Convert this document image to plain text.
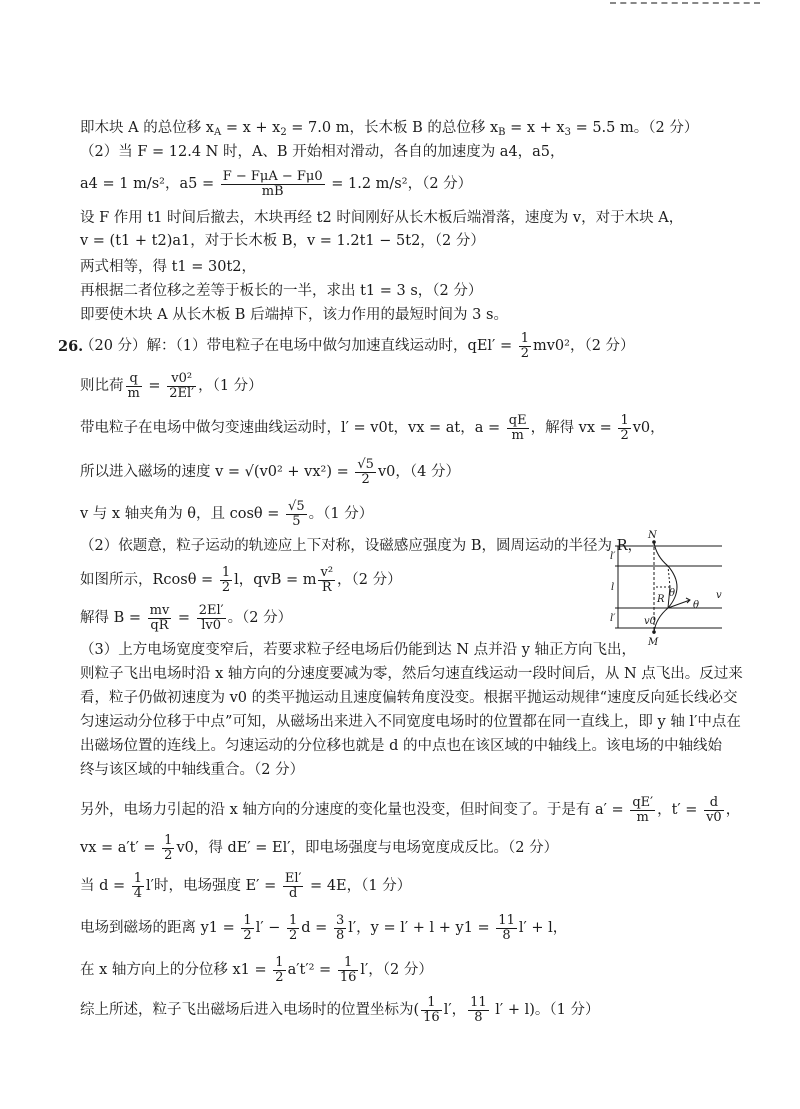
即木块 A 的总位移 $x_A = x + x_2 = 7.0$ m，长木板 B 的总位移 $x_B = x + x_3 = 5.5$ m。（2 分）
（2）当 F = 12.4 N 时，A、B 开始相对滑动，各自的加速度为 a4，a5，
a4 = 1 m/s²，$a5 = \frac{\text{F − FμA − Fμ0}}{mB} = 1.2$ m/s²，（2 分）
设 F 作用 t1 时间后撤去，木块再经 t2 时间刚好从长木板后端滑落，速度为 v，对于木块 A，
v = (t1 + t2)a1，对于长木板 B，v = 1.2t1 − 5t2，（2 分）
两式相等，得 t1 = 30t2，
再根据二者位移之差等于板长的一半，求出 t1 = 3 s，（2 分）
即要使木块 A 从长木板 B 后端掉下，该力作用的最短时间为 3 s。
26.
（20 分）解：（1）带电粒子在电场中做匀加速直线运动时，$qEl' = \frac{1}{2} mv0^2$，（2 分）
则比荷 $\frac{q}{m} = \frac{\text{v0²}}{2El'}$ ，（1 分）
带电粒子在电场中做匀变速曲线运动时，l′ = v0t，vx = at，$a = \frac{qE}{m}$ ，解得 vx = $\frac{1}{2} v0$，
所以进入磁场的速度 $v = √(v0^2 + vx^2) = \frac{√5}{2} v0$，（4 分）
v 与 x 轴夹角为 θ，且 $\cos\theta = \frac{√5}{5}$ 。（1 分）
（2）依题意，粒子运动的轨迹应上下对称，设磁感应强度为 B，圆周运动的半径为 R，
如图所示，$Rcos\theta = \frac{1}{2}$ l，qvB = m $\frac{\text{v²}}{R}$ ，（2 分）
解得 $B = \frac{mv}{qR} = \frac{2El'}{lv0}$ 。（2 分）
（3）上方电场宽度变窄后，若要求粒子经电场后仍能到达 N 点并沿 y 轴正方向飞出，
则粒子飞出电场时沿 x 轴方向的分速度要减为零，然后匀速直线运动一段时间后，从 N 点飞出。反过来
看，粒子仍做初速度为 v0 的类平抛运动且速度偏转角度没变。根据平抛运动规律“速度反向延长线必交
匀速运动分位移于中点”可知，从磁场出来进入不同宽度电场时的位置都在同一直线上，即 y 轴 l′中点在
出磁场位置的连线上。匀速运动的分位移也就是 d 的中点也在该区域的中轴线上。该电场的中轴线始
终与该区域的中轴线重合。（2 分）
另外，电场力引起的沿 x 轴方向的分速度的变化量也没变，但时间变了。于是有 $a' = \frac{qE'}{m}$ ，$t' = \frac{d}{v0}$ ，
vx = $a't' = \frac{1}{2} v0$，得 dE′ = El′，即电场强度与电场宽度成反比。（2 分）
当 $d = \frac{1}{4} l'$时，电场强度 $E' = \frac{El'}{d} = 4E$，（1 分）
电场到磁场的距离 $y1 = \frac{1}{2} l' - \frac{1}{2}$ $d = \frac{3}{8} l'$，$y = l' + l + y1 = \frac{11}{8} l' + l$，
在 x 轴方向上的分位移 $x1 = \frac{1}{2} a't'^2 = \frac{1}{16} l'$，（2 分）
综上所述，粒子飞出磁场后进入电场时的位置坐标为( $\frac{1}{16} l'$， $\frac{11}{8} l' + l$)。（1 分）
N
M
l′
l
l′
R
θ
θ
v
v0
